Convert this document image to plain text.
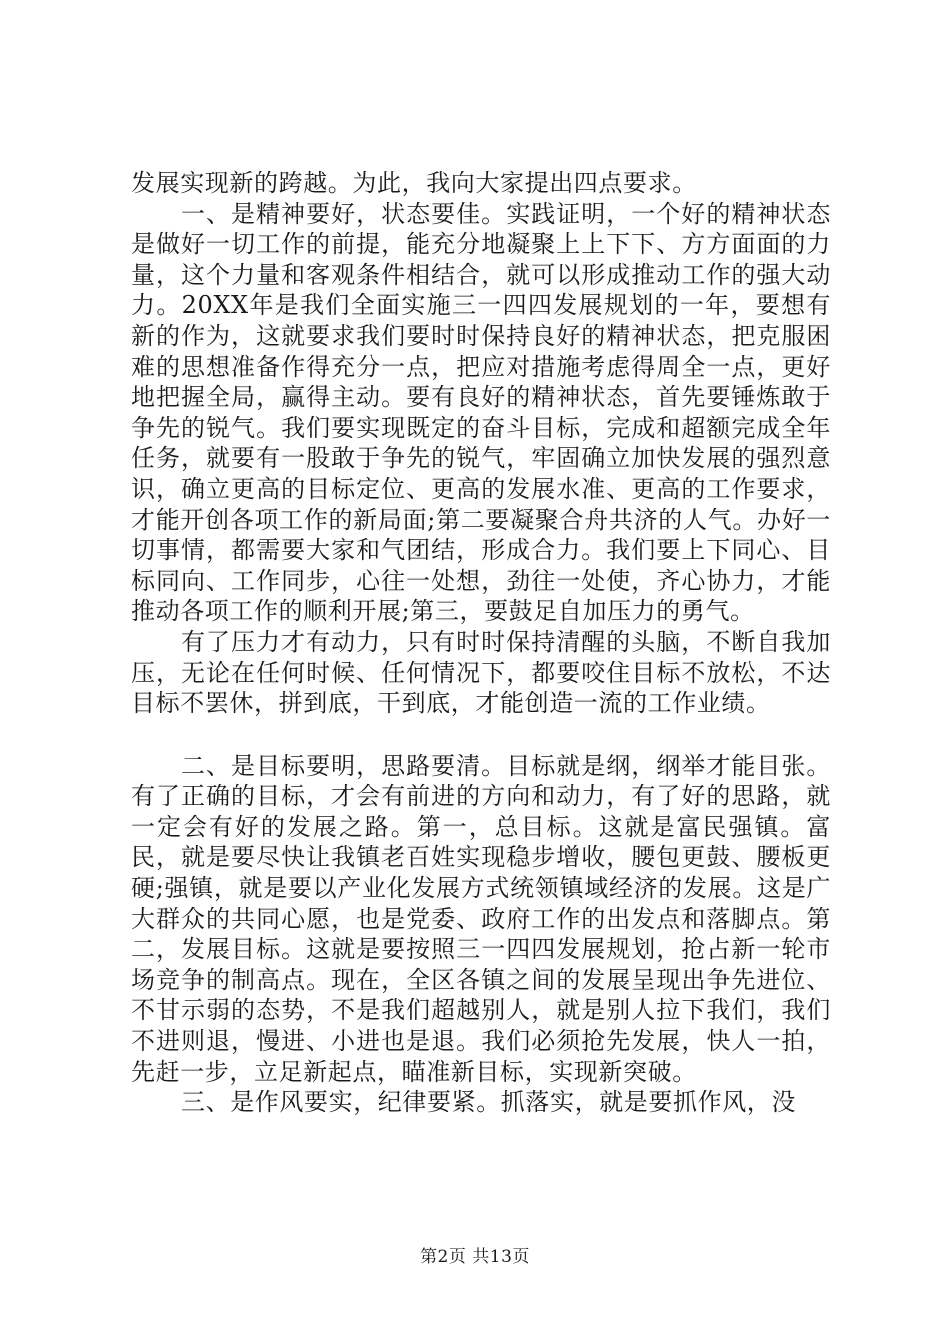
发展实现新的跨越。为此，我向大家提出四点要求。

一、是精神要好，状态要佳。实践证明，一个好的精神状态是做好一切工作的前提，能充分地凝聚上上下下、方方面面的力量，这个力量和客观条件相结合，就可以形成推动工作的强大动力。20XX年是我们全面实施三一四四发展规划的一年，要想有新的作为，这就要求我们要时时保持良好的精神状态，把克服困难的思想准备作得充分一点，把应对措施考虑得周全一点，更好地把握全局，赢得主动。要有良好的精神状态，首先要锤炼敢于争先的锐气。我们要实现既定的奋斗目标，完成和超额完成全年任务，就要有一股敢于争先的锐气，牢固确立加快发展的强烈意识，确立更高的目标定位、更高的发展水准、更高的工作要求，才能开创各项工作的新局面;第二要凝聚合舟共济的人气。办好一切事情，都需要大家和气团结，形成合力。我们要上下同心、目标同向、工作同步，心往一处想，劲往一处使，齐心协力，才能推动各项工作的顺利开展;第三，要鼓足自加压力的勇气。

有了压力才有动力，只有时时保持清醒的头脑，不断自我加压，无论在任何时候、任何情况下，都要咬住目标不放松，不达目标不罢休，拼到底，干到底，才能创造一流的工作业绩。

二、是目标要明，思路要清。目标就是纲，纲举才能目张。有了正确的目标，才会有前进的方向和动力，有了好的思路，就一定会有好的发展之路。第一，总目标。这就是富民强镇。富民，就是要尽快让我镇老百姓实现稳步增收，腰包更鼓、腰板更硬;强镇，就是要以产业化发展方式统领镇域经济的发展。这是广大群众的共同心愿，也是党委、政府工作的出发点和落脚点。第二，发展目标。这就是要按照三一四四发展规划，抢占新一轮市场竞争的制高点。现在，全区各镇之间的发展呈现出争先进位、不甘示弱的态势，不是我们超越别人，就是别人拉下我们，我们不进则退，慢进、小进也是退。我们必须抢先发展，快人一拍，先赶一步，立足新起点，瞄准新目标，实现新突破。

三、是作风要实，纪律要紧。抓落实，就是要抓作风，没

第2页 共13页
